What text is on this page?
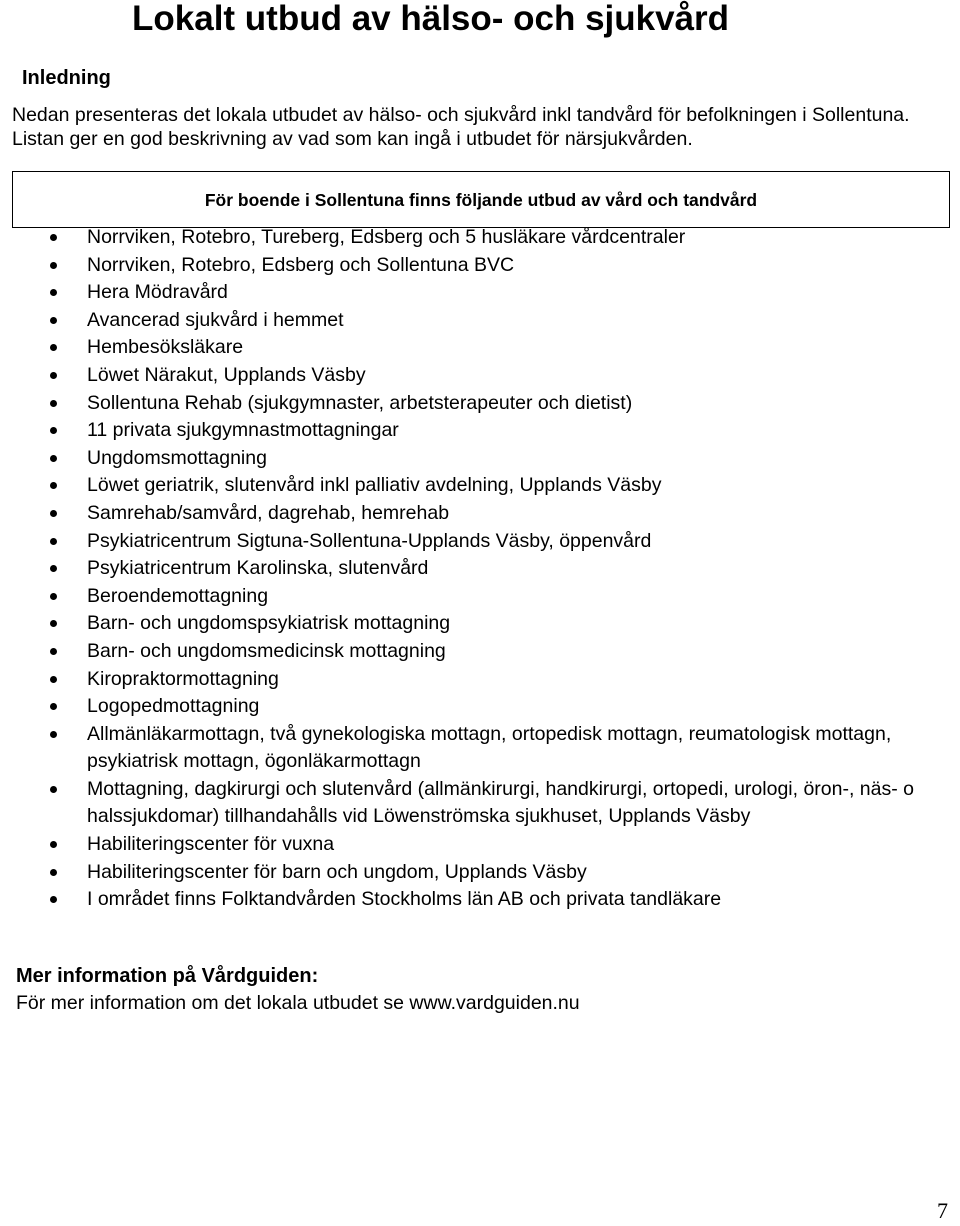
Lokalt utbud av hälso- och sjukvård
Inledning

Nedan presenteras det lokala utbudet av hälso- och sjukvård inkl tandvård för befolkningen i Sollentuna. Listan ger en god beskrivning av vad som kan ingå i utbudet för närsjukvården.

För boende i Sollentuna finns följande utbud av vård och tandvård
Norrviken, Rotebro, Tureberg, Edsberg och 5 husläkare vårdcentraler
Norrviken, Rotebro, Edsberg och Sollentuna BVC
Hera Mödravård
Avancerad sjukvård i hemmet
Hembesöksläkare
Löwet Närakut, Upplands Väsby
Sollentuna Rehab (sjukgymnaster, arbetsterapeuter och dietist)
11 privata sjukgymnastmottagningar
Ungdomsmottagning
Löwet geriatrik, slutenvård inkl palliativ avdelning, Upplands Väsby
Samrehab/samvård, dagrehab, hemrehab
Psykiatricentrum Sigtuna-Sollentuna-Upplands Väsby, öppenvård
Psykiatricentrum Karolinska, slutenvård
Beroendemottagning
Barn- och ungdomspsykiatrisk mottagning
Barn- och ungdomsmedicinsk mottagning
Kiropraktormottagning
Logopedmottagning
Allmänläkarmottagn, två gynekologiska mottagn, ortopedisk mottagn, reumatologisk mottagn, psykiatrisk mottagn, ögonläkarmottagn
Mottagning, dagkirurgi och slutenvård (allmänkirurgi, handkirurgi, ortopedi, urologi, öron-, näs- o halssjukdomar) tillhandahålls vid Löwenströmska sjukhuset, Upplands Väsby
Habiliteringscenter för vuxna
Habiliteringscenter för barn och ungdom, Upplands Väsby
I området finns Folktandvården Stockholms län AB och privata tandläkare
Mer information på Vårdguiden:
För mer information om det lokala utbudet se www.vardguiden.nu
7
